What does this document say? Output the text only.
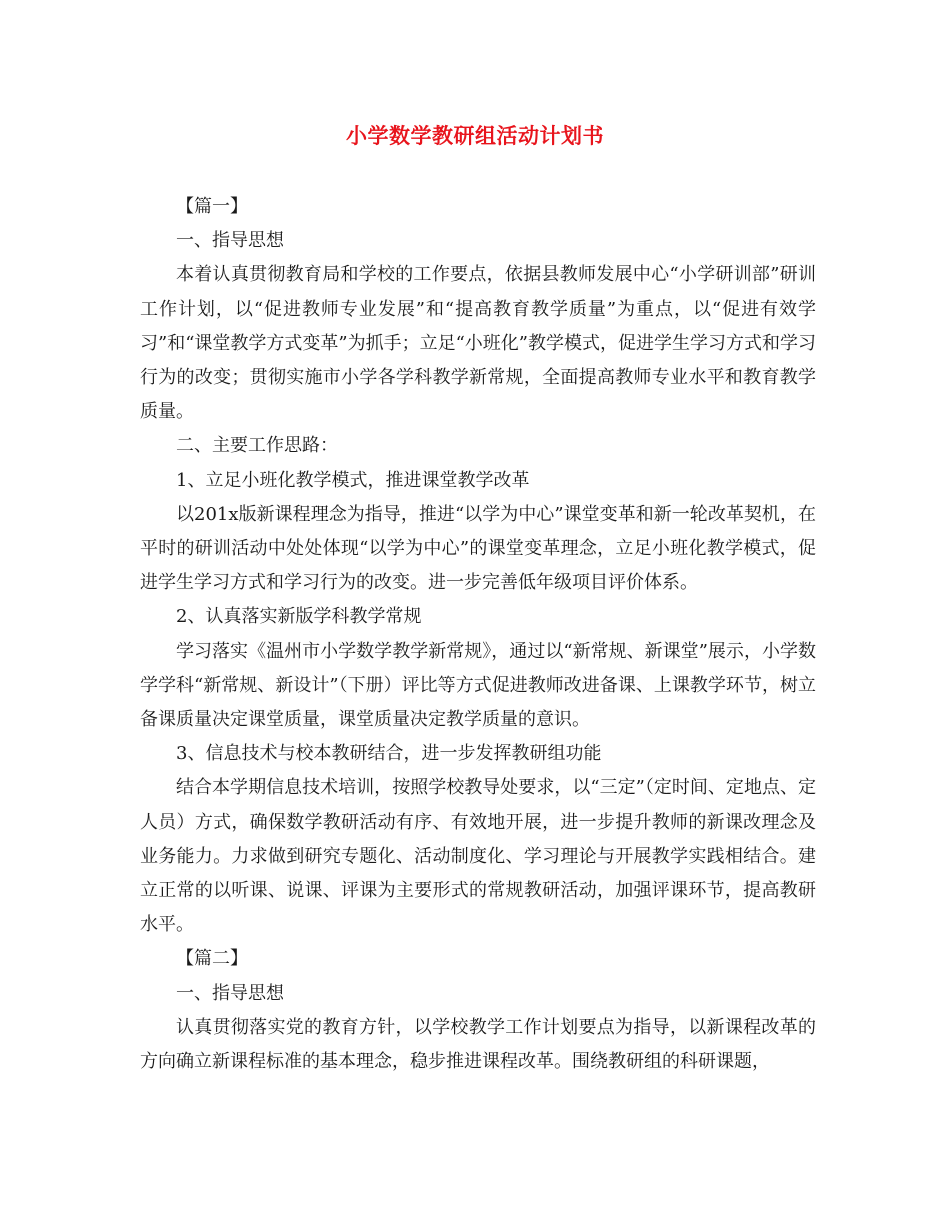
小学数学教研组活动计划书

【篇一】

一、指导思想

本着认真贯彻教育局和学校的工作要点，依据县教师发展中心“小学研训部”研训工作计划，以“促进教师专业发展”和“提高教育教学质量”为重点，以“促进有效学习”和“课堂教学方式变革”为抓手；立足“小班化”教学模式，促进学生学习方式和学习行为的改变；贯彻实施市小学各学科教学新常规，全面提高教师专业水平和教育教学质量。

二、主要工作思路：

1、立足小班化教学模式，推进课堂教学改革

以201x版新课程理念为指导，推进“以学为中心”课堂变革和新一轮改革契机，在平时的研训活动中处处体现“以学为中心”的课堂变革理念，立足小班化教学模式，促进学生学习方式和学习行为的改变。进一步完善低年级项目评价体系。

2、认真落实新版学科教学常规

学习落实《温州市小学数学教学新常规》，通过以“新常规、新课堂”展示，小学数学学科“新常规、新设计”（下册）评比等方式促进教师改进备课、上课教学环节，树立备课质量决定课堂质量，课堂质量决定教学质量的意识。

3、信息技术与校本教研结合，进一步发挥教研组功能

结合本学期信息技术培训，按照学校教导处要求，以“三定”（定时间、定地点、定人员）方式，确保数学教研活动有序、有效地开展，进一步提升教师的新课改理念及业务能力。力求做到研究专题化、活动制度化、学习理论与开展教学实践相结合。建立正常的以听课、说课、评课为主要形式的常规教研活动，加强评课环节，提高教研水平。

【篇二】

一、指导思想

认真贯彻落实党的教育方针，以学校教学工作计划要点为指导，以新课程改革的方向确立新课程标准的基本理念，稳步推进课程改革。围绕教研组的科研课题，
